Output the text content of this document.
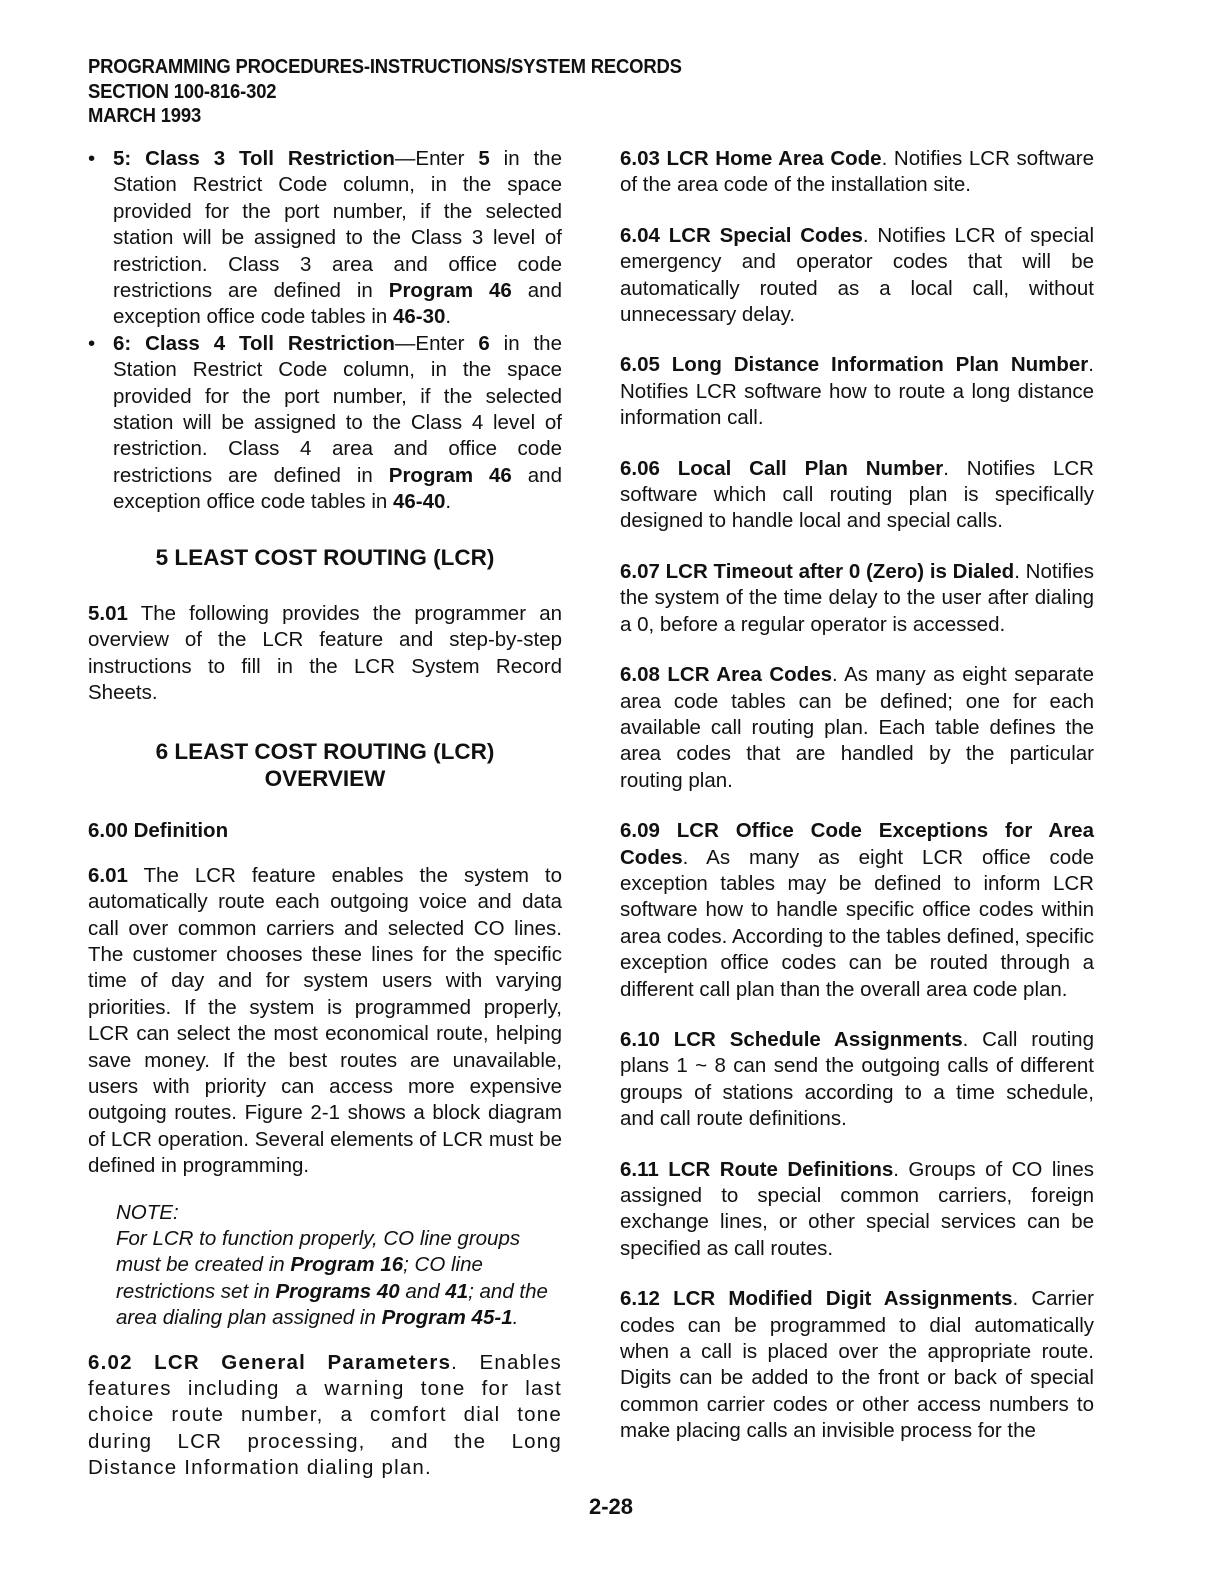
PROGRAMMING PROCEDURES-INSTRUCTIONS/SYSTEM RECORDS
SECTION 100-816-302
MARCH 1993
• 5: Class 3 Toll Restriction—Enter 5 in the Station Restrict Code column, in the space provided for the port number, if the selected station will be assigned to the Class 3 level of restriction. Class 3 area and office code restrictions are defined in Program 46 and exception office code tables in 46-30.
• 6: Class 4 Toll Restriction—Enter 6 in the Station Restrict Code column, in the space provided for the port number, if the selected station will be assigned to the Class 4 level of restriction. Class 4 area and office code restrictions are defined in Program 46 and exception office code tables in 46-40.
5 LEAST COST ROUTING (LCR)

5.01 The following provides the programmer an overview of the LCR feature and step-by-step instructions to fill in the LCR System Record Sheets.

6 LEAST COST ROUTING (LCR)
OVERVIEW
6.00 Definition

6.01 The LCR feature enables the system to automatically route each outgoing voice and data call over common carriers and selected CO lines. The customer chooses these lines for the specific time of day and for system users with varying priorities. If the system is programmed properly, LCR can select the most economical route, helping save money. If the best routes are unavailable, users with priority can access more expensive outgoing routes. Figure 2-1 shows a block diagram of LCR operation. Several elements of LCR must be defined in programming.

NOTE:
For LCR to function properly, CO line groups must be created in Program 16; CO line restrictions set in Programs 40 and 41; and the area dialing plan assigned in Program 45-1.

6.02 LCR General Parameters. Enables features including a warning tone for last choice route number, a comfort dial tone during LCR processing, and the Long Distance Information dialing plan.

6.03 LCR Home Area Code. Notifies LCR software of the area code of the installation site.

6.04 LCR Special Codes. Notifies LCR of special emergency and operator codes that will be automatically routed as a local call, without unnecessary delay.

6.05 Long Distance Information Plan Number. Notifies LCR software how to route a long distance information call.

6.06 Local Call Plan Number. Notifies LCR software which call routing plan is specifically designed to handle local and special calls.

6.07 LCR Timeout after 0 (Zero) is Dialed. Notifies the system of the time delay to the user after dialing a 0, before a regular operator is accessed.

6.08 LCR Area Codes. As many as eight separate area code tables can be defined; one for each available call routing plan. Each table defines the area codes that are handled by the particular routing plan.

6.09 LCR Office Code Exceptions for Area Codes. As many as eight LCR office code exception tables may be defined to inform LCR software how to handle specific office codes within area codes. According to the tables defined, specific exception office codes can be routed through a different call plan than the overall area code plan.

6.10 LCR Schedule Assignments. Call routing plans 1 ~ 8 can send the outgoing calls of different groups of stations according to a time schedule, and call route definitions.

6.11 LCR Route Definitions. Groups of CO lines assigned to special common carriers, foreign exchange lines, or other special services can be specified as call routes.

6.12 LCR Modified Digit Assignments. Carrier codes can be programmed to dial automatically when a call is placed over the appropriate route. Digits can be added to the front or back of special common carrier codes or other access numbers to make placing calls an invisible process for the

2-28
